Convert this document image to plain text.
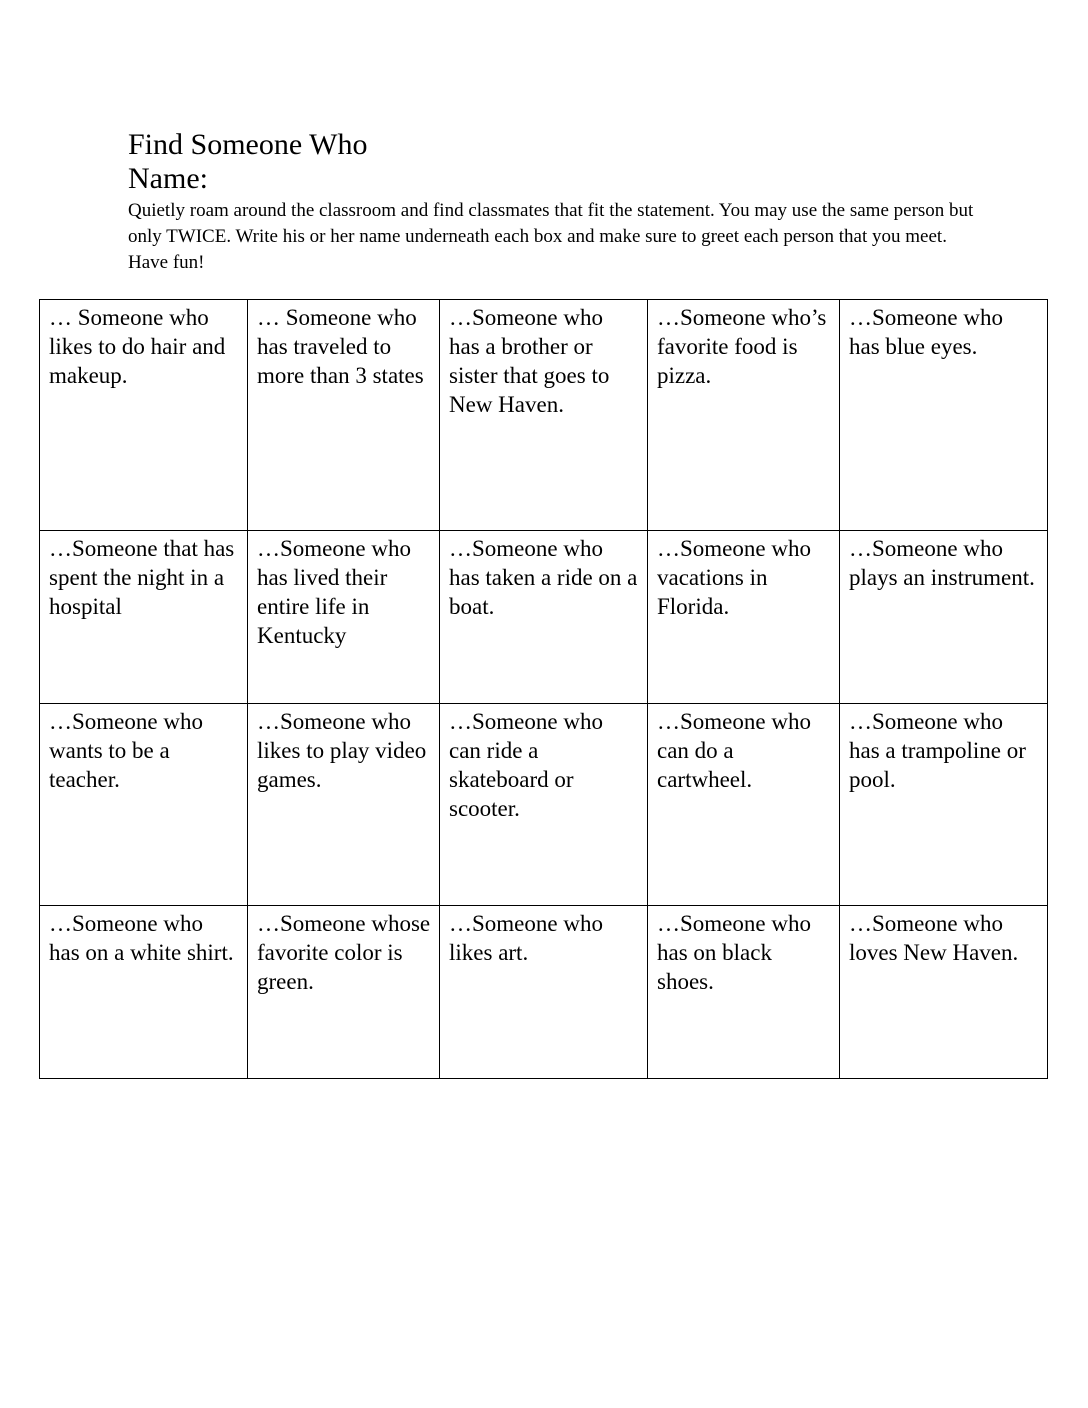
Find Someone Who
Name:

Quietly roam around the classroom and find classmates that fit the statement. You may use the same person but only TWICE. Write his or her name underneath each box and make sure to greet each person that you meet. Have fun!

… Someone who likes to do hair and makeup.	… Someone who has traveled to more than 3 states	…Someone who has a brother or sister that goes to New Haven.	…Someone who’s favorite food is pizza.	…Someone who has blue eyes.
…Someone that has spent the night in a hospital	…Someone who has lived their entire life in Kentucky	…Someone who has taken a ride on a boat.	…Someone who vacations in Florida.	…Someone who plays an instrument.
…Someone who wants to be a teacher.	…Someone who likes to play video games.	…Someone who can ride a skateboard or scooter.	…Someone who can do a cartwheel.	…Someone who has a trampoline or pool.
…Someone who has on a white shirt.	…Someone whose favorite color is green.	…Someone who likes art.	…Someone who has on black shoes.	…Someone who loves New Haven.
